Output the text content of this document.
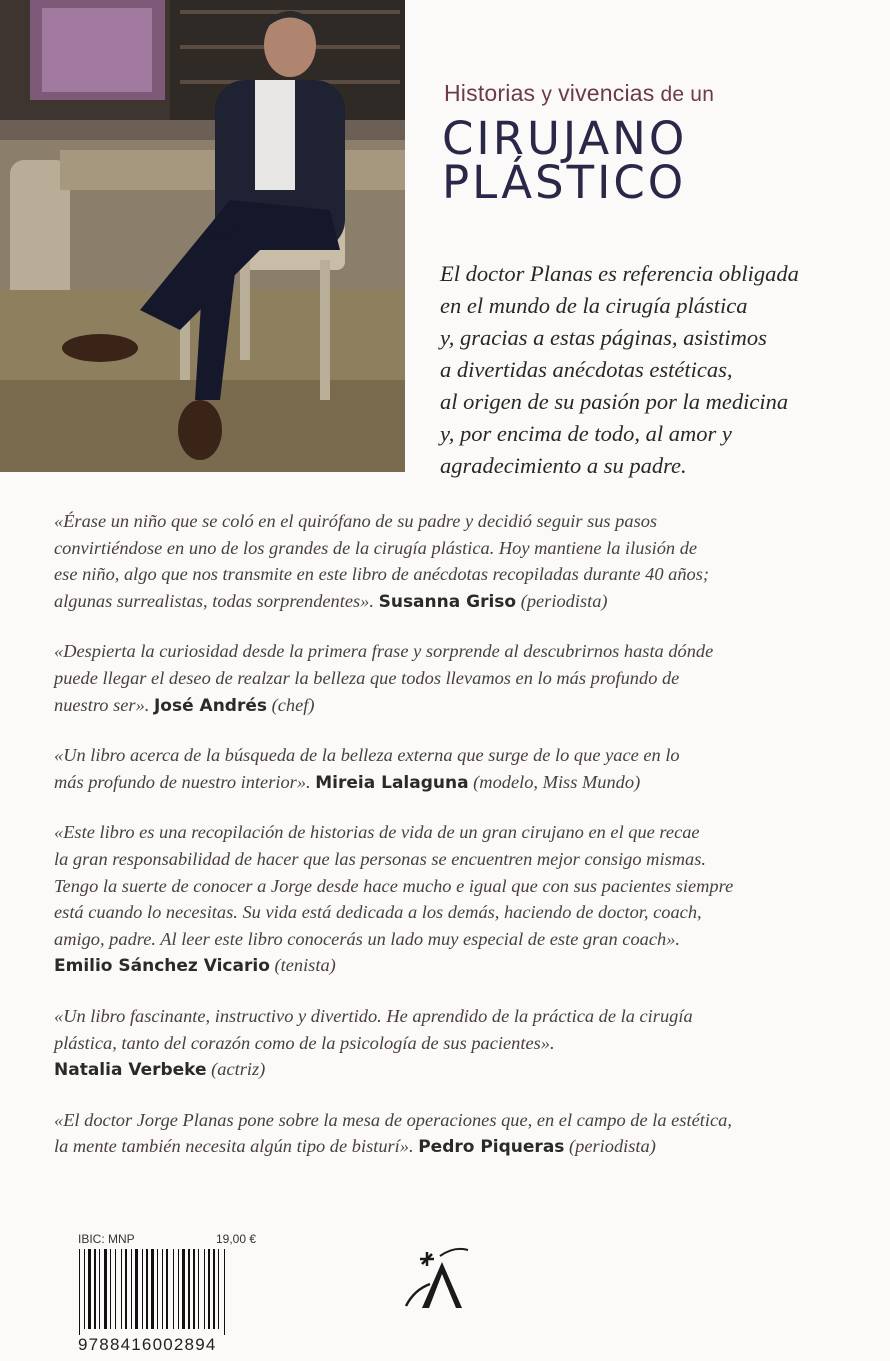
Historias y vivencias de un
CIRUJANO
PLÁSTICO
El doctor Planas es referencia obligada
en el mundo de la cirugía plástica
y, gracias a estas páginas, asistimos
a divertidas anécdotas estéticas,
al origen de su pasión por la medicina
y, por encima de todo, al amor y
agradecimiento a su padre.
«Érase un niño que se coló en el quirófano de su padre y decidió seguir sus pasos
convirtiéndose en uno de los grandes de la cirugía plástica. Hoy mantiene la ilusión de
ese niño, algo que nos transmite en este libro de anécdotas recopiladas durante 40 años;
algunas surrealistas, todas sorprendentes». Susanna Griso (periodista)
«Despierta la curiosidad desde la primera frase y sorprende al descubrirnos hasta dónde
puede llegar el deseo de realzar la belleza que todos llevamos en lo más profundo de
nuestro ser». José Andrés (chef)
«Un libro acerca de la búsqueda de la belleza externa que surge de lo que yace en lo
más profundo de nuestro interior». Mireia Lalaguna (modelo, Miss Mundo)
«Este libro es una recopilación de historias de vida de un gran cirujano en el que recae
la gran responsabilidad de hacer que las personas se encuentren mejor consigo mismas.
Tengo la suerte de conocer a Jorge desde hace mucho e igual que con sus pacientes siempre
está cuando lo necesitas. Su vida está dedicada a los demás, haciendo de doctor, coach,
amigo, padre. Al leer este libro conocerás un lado muy especial de este gran coach».
Emilio Sánchez Vicario (tenista)
«Un libro fascinante, instructivo y divertido. He aprendido de la práctica de la cirugía
plástica, tanto del corazón como de la psicología de sus pacientes».
Natalia Verbeke (actriz)
«El doctor Jorge Planas pone sobre la mesa de operaciones que, en el campo de la estética,
la mente también necesita algún tipo de bisturí». Pedro Piqueras (periodista)
IBIC: MNP	19,00 €
9788416002894
